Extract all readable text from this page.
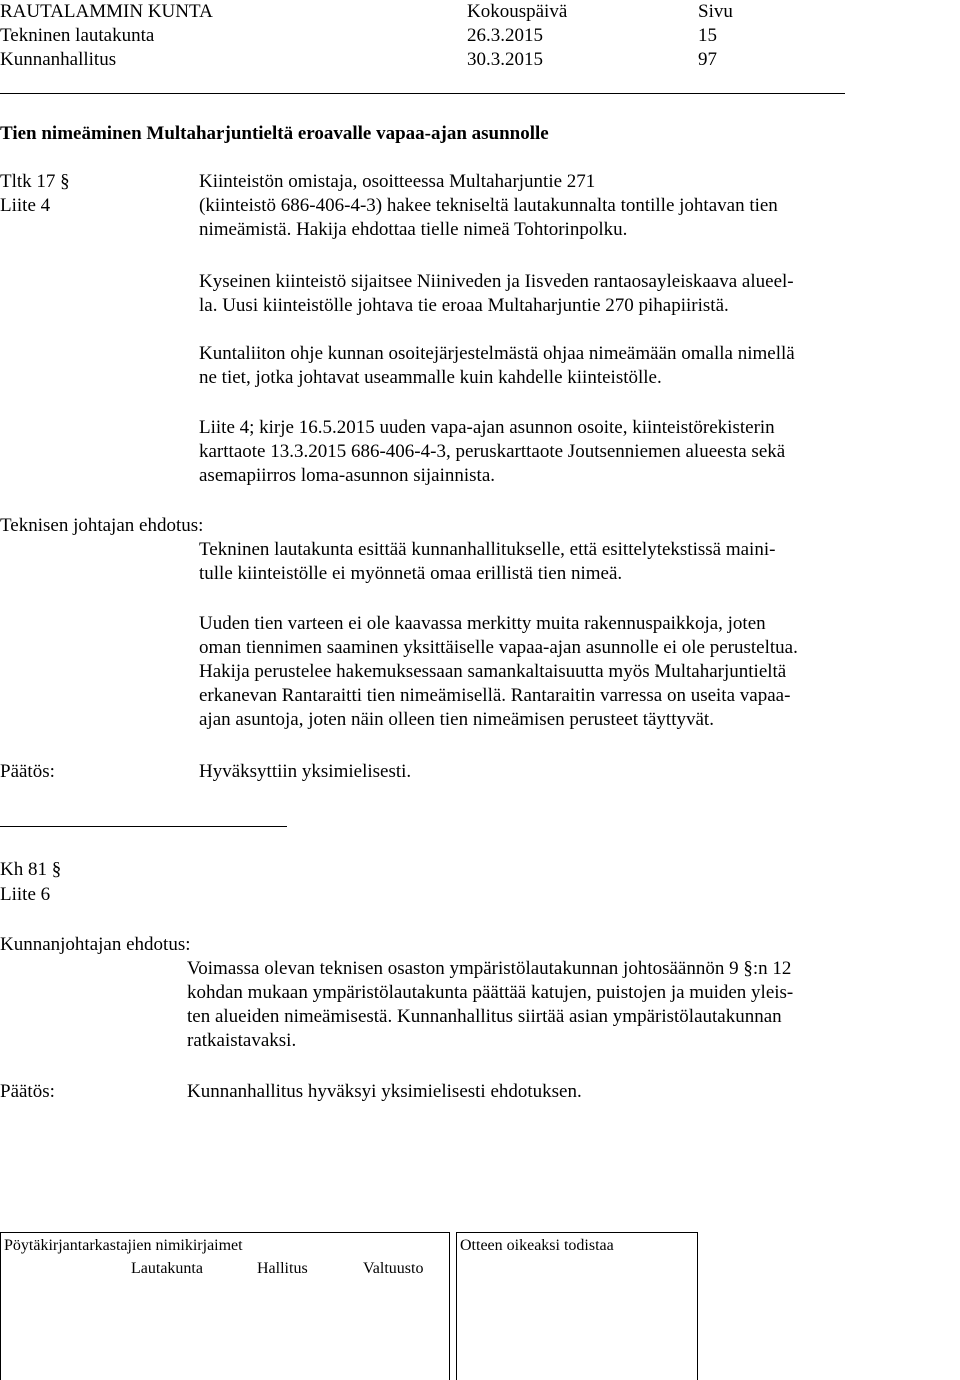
RAUTALAMMIN KUNTA	Kokouspäivä	Sivu
Tekninen lautakunta	26.3.2015	15
Kunnanhallitus	30.3.2015	97
Tien nimeäminen Multaharjuntieltä eroavalle vapaa-ajan asunnolle
Tltk 17 §
Liite 4
Kiinteistön omistaja, osoitteessa Multaharjuntie 271
(kiinteistö 686-406-4-3) hakee tekniseltä lautakunnalta tontille johtavan tien
nimeämistä. Hakija ehdottaa tielle nimeä Tohtorinpolku.
Kyseinen kiinteistö sijaitsee Niiniveden ja Iisveden rantaosayleiskaava alueel-
la. Uusi kiinteistölle johtava tie eroaa Multaharjuntie 270 pihapiiristä.
Kuntaliiton ohje kunnan osoitejärjestelmästä ohjaa nimeämään omalla nimellä
ne tiet, jotka johtavat useammalle kuin kahdelle kiinteistölle.
Liite 4; kirje 16.5.2015 uuden vapa-ajan asunnon osoite, kiinteistörekisterin
karttaote 13.3.2015 686-406-4-3, peruskarttaote Joutsenniemen alueesta sekä
asemapiirros loma-asunnon sijainnista.
Teknisen johtajan ehdotus:
Tekninen lautakunta esittää kunnanhallitukselle, että esittelytekstissä maini-
tulle kiinteistölle ei myönnetä omaa erillistä tien nimeä.
Uuden tien varteen ei ole kaavassa merkitty muita rakennuspaikkoja, joten
oman tiennimen saaminen yksittäiselle vapaa-ajan asunnolle ei ole perusteltua.
Hakija perustelee hakemuksessaan samankaltaisuutta myös Multaharjuntieltä
erkanevan Rantaraitti tien nimeämisellä. Rantaraitin varressa on useita vapaa-
ajan asuntoja, joten näin olleen tien nimeämisen perusteet täyttyvät.
Päätös:	Hyväksyttiin yksimielisesti.
Kh 81 §
Liite 6
Kunnanjohtajan ehdotus:
Voimassa olevan teknisen osaston ympäristölautakunnan johtosäännön 9 §:n 12
kohdan mukaan ympäristölautakunta päättää katujen, puistojen ja muiden yleis-
ten alueiden nimeämisestä. Kunnanhallitus siirtää asian ympäristölautakunnan
ratkaistavaksi.
Päätös:	Kunnanhallitus hyväksyi yksimielisesti ehdotuksen.
Pöytäkirjantarkastajien nimikirjaimet
Lautakunta	Hallitus	Valtuusto
Otteen oikeaksi todistaa
